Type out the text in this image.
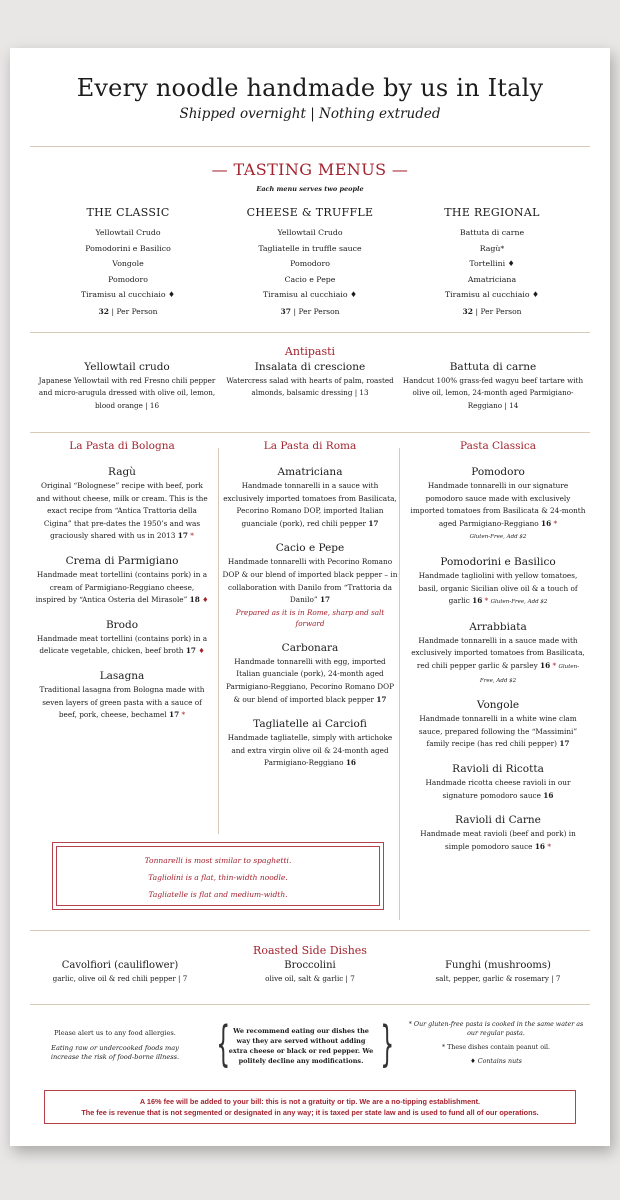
Every noodle handmade by us in Italy
Shipped overnight | Nothing extruded
— TASTING MENUS —
Each menu serves two people
THE CLASSIC
Yellowtail Crudo
Pomodorini e Basilico
Vongole
Pomodoro
Tiramisu al cucchiaio ♦
32 | Per Person
CHEESE & TRUFFLE
Yellowtail Crudo
Tagliatelle in truffle sauce
Pomodoro
Cacio e Pepe
Tiramisu al cucchiaio ♦
37 | Per Person
THE REGIONAL
Battuta di carne
Ragù*
Tortellini ♦
Amatriciana
Tiramisu al cucchiaio ♦
32 | Per Person
Antipasti
Yellowtail crudo
Japanese Yellowtail with red Fresno chili pepper and micro-arugula dressed with olive oil, lemon, blood orange | 16
Insalata di crescione
Watercress salad with hearts of palm, roasted almonds, balsamic dressing | 13
Battuta di carne
Handcut 100% grass-fed wagyu beef tartare with olive oil, lemon, 24-month aged Parmigiano-Reggiano | 14
La Pasta di Bologna
Ragù
Original “Bolognese” recipe with beef, pork and without cheese, milk or cream. This is the exact recipe from “Antica Trattoria della Cigina” that pre-dates the 1950’s and was graciously shared with us in 2013 17 *
Crema di Parmigiano
Handmade meat tortellini (contains pork) in a cream of Parmigiano-Reggiano cheese, inspired by “Antica Osteria del Mirasole” 18 ♦
Brodo
Handmade meat tortellini (contains pork) in a delicate vegetable, chicken, beef broth 17 ♦
Lasagna
Traditional lasagna from Bologna made with seven layers of green pasta with a sauce of beef, pork, cheese, bechamel 17 *
La Pasta di Roma
Amatriciana
Handmade tonnarelli in a sauce with exclusively imported tomatoes from Basilicata, Pecorino Romano DOP, imported Italian guanciale (pork), red chili pepper 17
Cacio e Pepe
Handmade tonnarelli with Pecorino Romano DOP & our blend of imported black pepper – in collaboration with Danilo from “Trattoria da Danilo” 17
Prepared as it is in Rome, sharp and salt forward
Carbonara
Handmade tonnarelli with egg, imported Italian guanciale (pork), 24-month aged Parmigiano-Reggiano, Pecorino Romano DOP & our blend of imported black pepper 17
Tagliatelle ai Carciofi
Handmade tagliatelle, simply with artichoke and extra virgin olive oil & 24-month aged Parmigiano-Reggiano 16
Pasta Classica
Pomodoro
Handmade tonnarelli in our signature pomodoro sauce made with exclusively imported tomatoes from Basilicata & 24-month aged Parmigiano-Reggiano 16 *
Gluten-Free, Add $2
Pomodorini e Basilico
Handmade tagliolini with yellow tomatoes, basil, organic Sicilian olive oil & a touch of garlic 16 * Gluten-Free, Add $2
Arrabbiata
Handmade tonnarelli in a sauce made with exclusively imported tomatoes from Basilicata, red chili pepper garlic & parsley 16 * Gluten-Free, Add $2
Vongole
Handmade tonnarelli in a white wine clam sauce, prepared following the “Massimini” family recipe (has red chili pepper) 17
Ravioli di Ricotta
Handmade ricotta cheese ravioli in our signature pomodoro sauce 16
Ravioli di Carne
Handmade meat ravioli (beef and pork) in simple pomodoro sauce 16 *
Tonnarelli is most similar to spaghetti.
Tagliolini is a flat, thin-width noodle.
Tagliatelle is flat and medium-width.
Roasted Side Dishes
Cavolfiori (cauliflower)
garlic, olive oil & red chili pepper | 7
Broccolini
olive oil, salt & garlic | 7
Funghi (mushrooms)
salt, pepper, garlic & rosemary | 7
Please alert us to any food allergies.
Eating raw or undercooked foods may increase the risk of food-borne illness. { We recommend eating our dishes the way they are served without adding extra cheese or black or red pepper. We politely decline any modifications. }	* Our gluten-free pasta is cooked in the same water as our regular pasta.
* These dishes contain peanut oil.
♦ Contains nuts
A 16% fee will be added to your bill: this is not a gratuity or tip. We are a no-tipping establishment.
The fee is revenue that is not segmented or designated in any way; it is taxed per state law and is used to fund all of our operations.
